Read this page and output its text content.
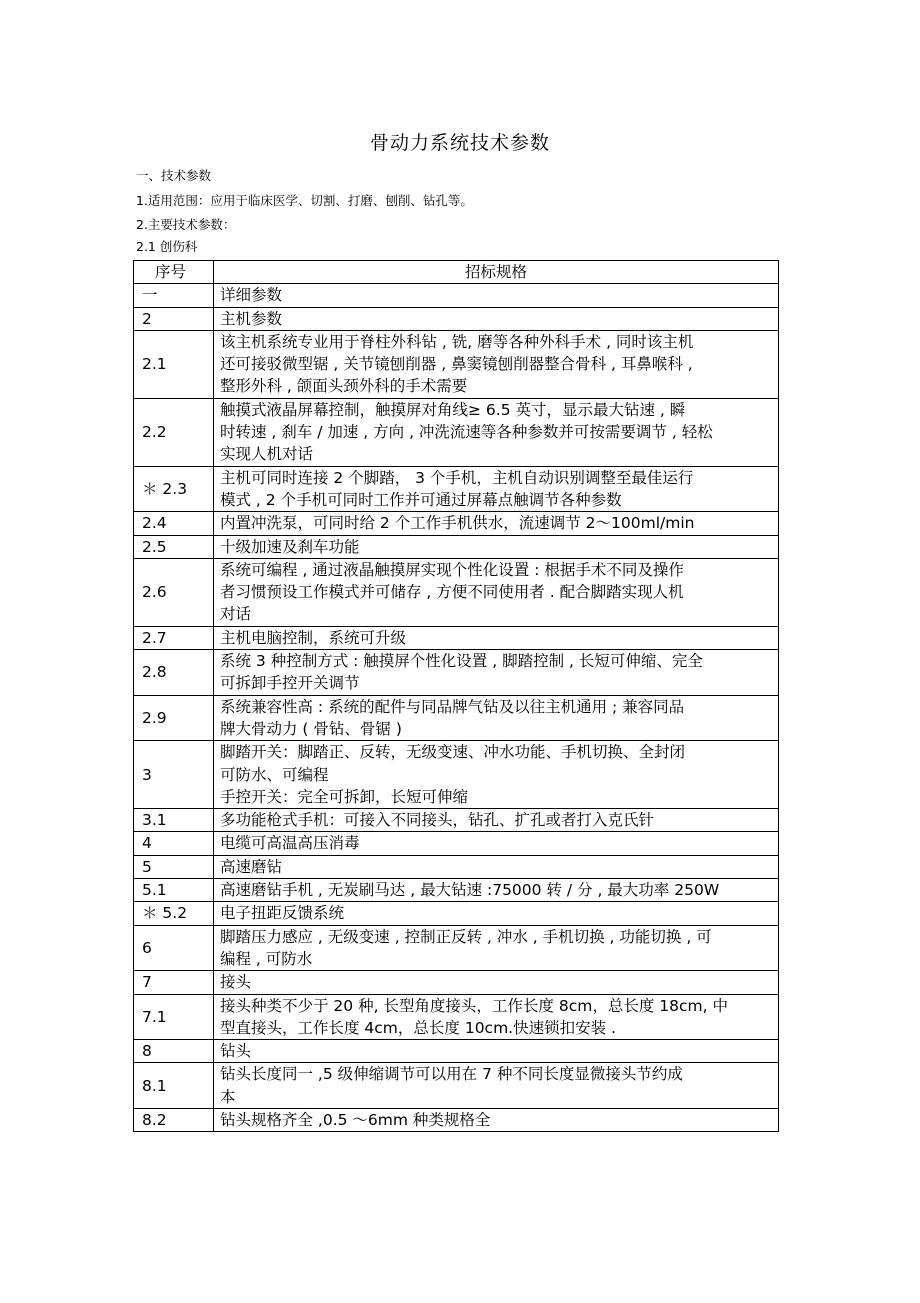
骨动力系统技术参数
一、技术参数
1.适用范围：应用于临床医学、切割、打磨、刨削、钻孔等。
2.主要技术参数：
2.1 创伤科
序号	招标规格
一	详细参数

2	主机参数

2.1	该主机系统专业用于脊柱外科钻 , 铣, 磨等各种外科手术 , 同时该主机
还可接驳微型锯 , 关节镜刨削器 , 鼻窦镜刨削器整合骨科 , 耳鼻喉科 ,
整形外科 , 颌面头颈外科的手术需要

2.2	触摸式液晶屏幕控制，触摸屏对角线≥ 6.5 英寸，显示最大钻速 , 瞬
时转速 , 刹车 / 加速 , 方向 , 冲洗流速等各种参数并可按需要调节 , 轻松
实现人机对话

＊ 2.3	主机可同时连接 2 个脚踏， 3 个手机，主机自动识别调整至最佳运行
模式 , 2 个手机可同时工作并可通过屏幕点触调节各种参数

2.4	内置冲洗泵，可同时给 2 个工作手机供水，流速调节 2～100ml/min

2.5	十级加速及刹车功能

2.6	系统可编程 , 通过液晶触摸屏实现个性化设置 : 根据手术不同及操作
者习惯预设工作模式并可储存 , 方便不同使用者 . 配合脚踏实现人机
对话

2.7	主机电脑控制，系统可升级

2.8	系统 3 种控制方式 : 触摸屏个性化设置 , 脚踏控制 , 长短可伸缩、完全
可拆卸手控开关调节

2.9	系统兼容性高 : 系统的配件与同品牌气钻及以往主机通用 ; 兼容同品
牌大骨动力 ( 骨钻、骨锯 )

3	脚踏开关：脚踏正、反转，无级变速、冲水功能、手机切换、全封闭
可防水、可编程
手控开关：完全可拆卸，长短可伸缩

3.1	多功能枪式手机：可接入不同接头，钻孔、扩孔或者打入克氏针

4	电缆可高温高压消毒

5	高速磨钻

5.1	高速磨钻手机 , 无炭刷马达 , 最大钻速 :75000 转 / 分 , 最大功率 250W

＊ 5.2	电子扭距反馈系统

6	脚踏压力感应 , 无级变速 , 控制正反转 , 冲水 , 手机切换 , 功能切换 , 可
编程 , 可防水

7	接头

7.1	接头种类不少于 20 种, 长型角度接头，工作长度 8cm，总长度 18cm, 中
型直接头，工作长度 4cm，总长度 10cm.快速锁扣安装 .

8	钻头

8.1	钻头长度同一 ,5 级伸缩调节可以用在 7 种不同长度显微接头节约成
本

8.2	钻头规格齐全 ,0.5 ～6mm 种类规格全
